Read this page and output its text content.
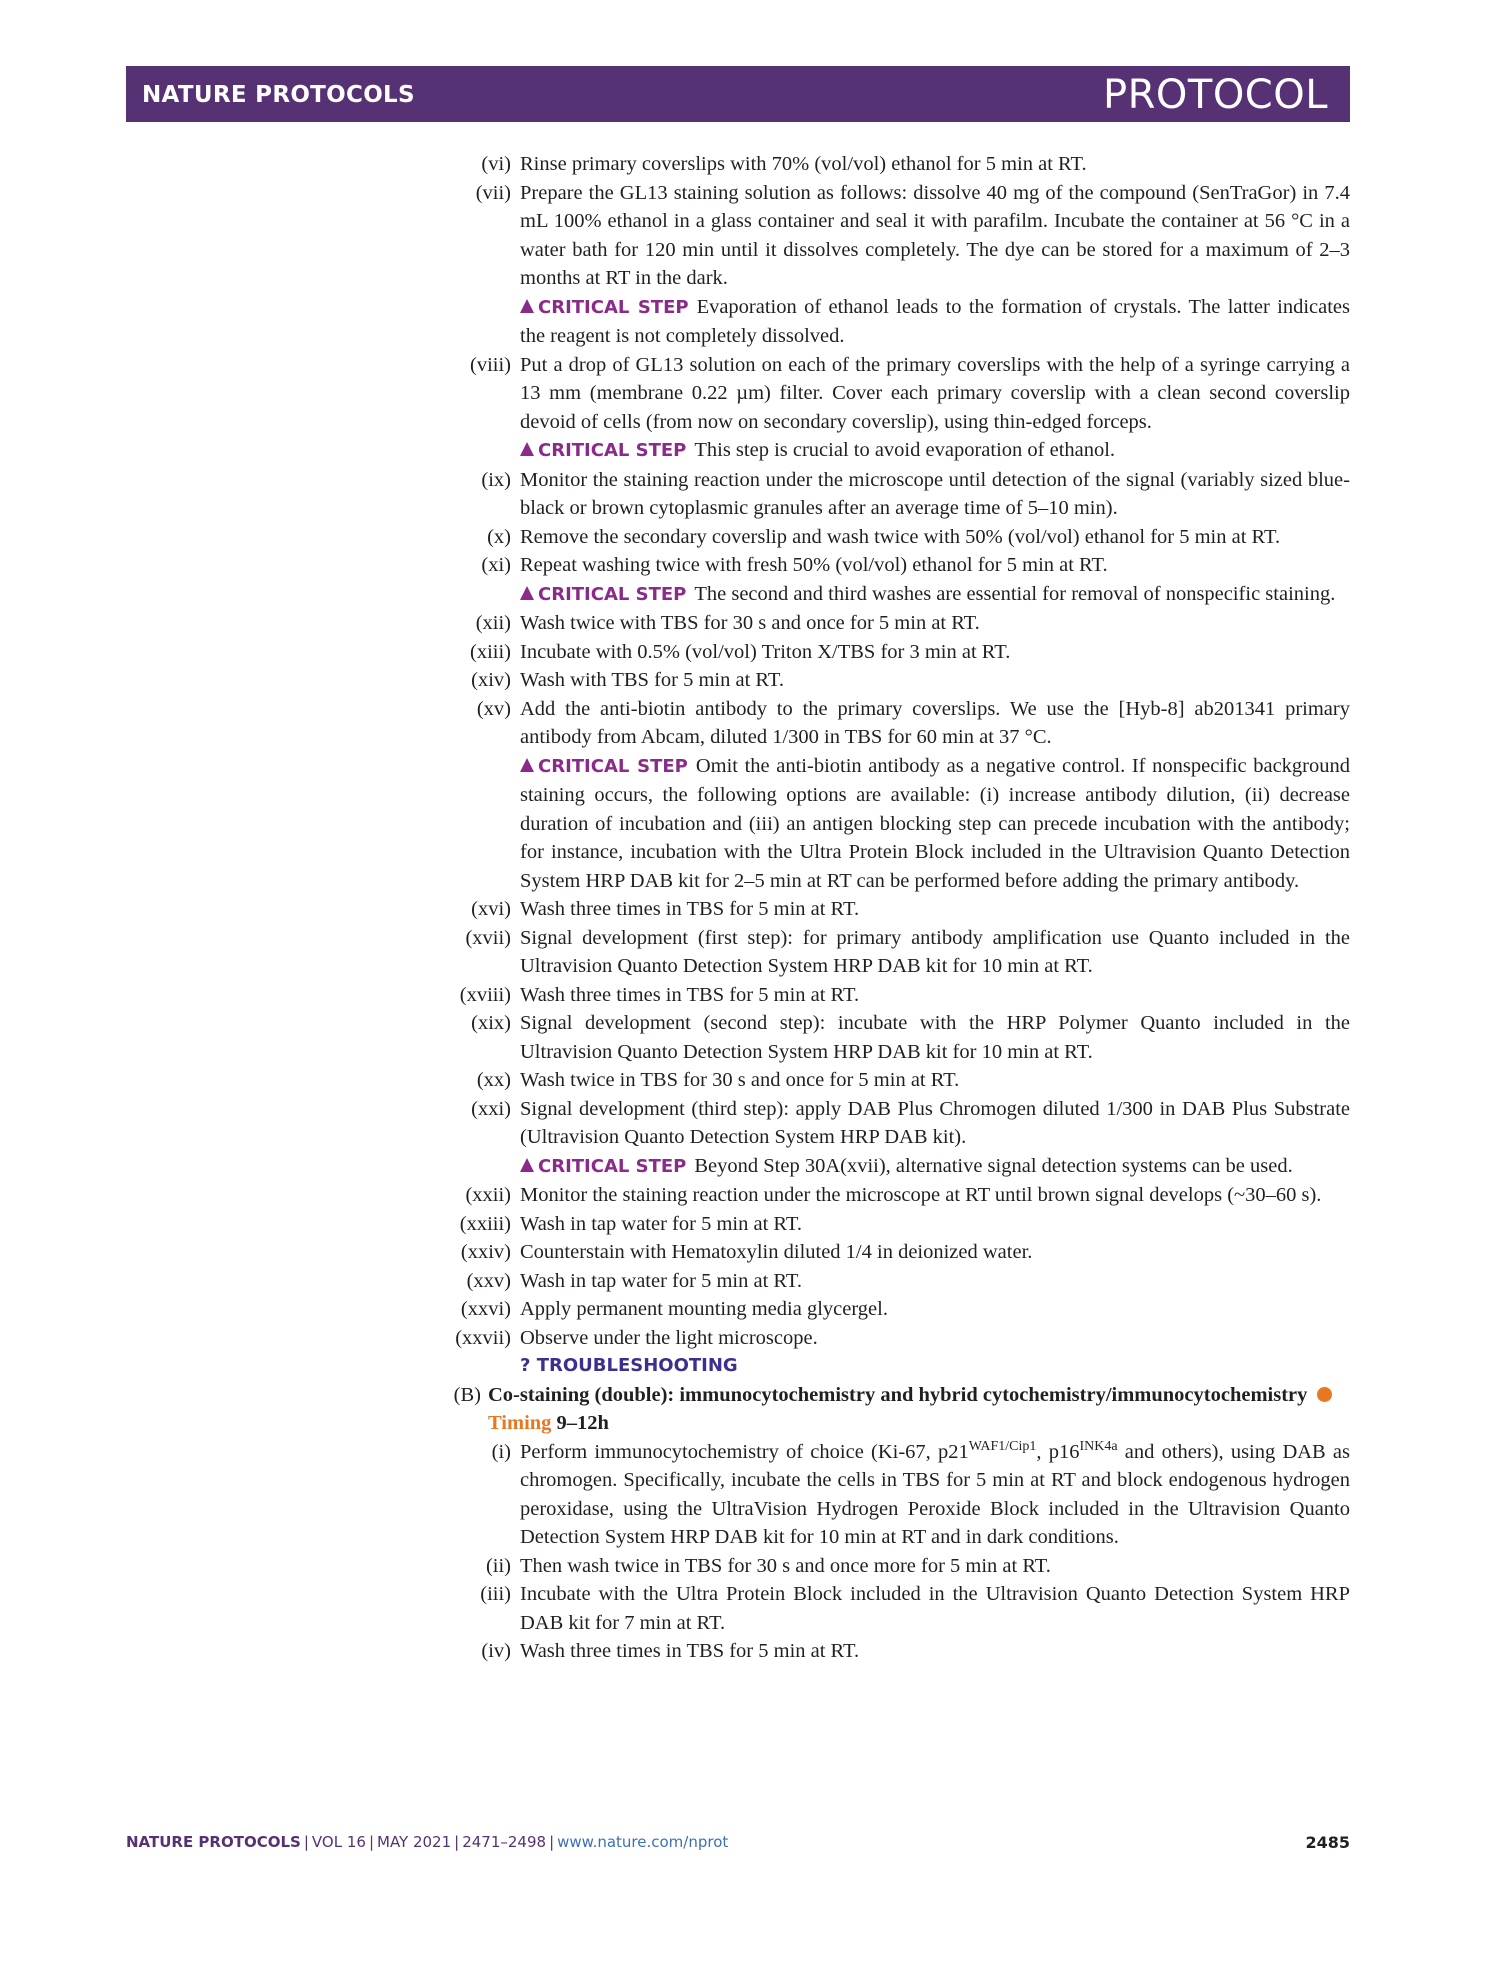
NATURE PROTOCOLS	PROTOCOL
(vi) Rinse primary coverslips with 70% (vol/vol) ethanol for 5 min at RT.
(vii) Prepare the GL13 staining solution as follows: dissolve 40 mg of the compound (SenTraGor) in 7.4 mL 100% ethanol in a glass container and seal it with parafilm. Incubate the container at 56 °C in a water bath for 120 min until it dissolves completely. The dye can be stored for a maximum of 2–3 months at RT in the dark.
CRITICAL STEP Evaporation of ethanol leads to the formation of crystals. The latter indicates the reagent is not completely dissolved.
(viii) Put a drop of GL13 solution on each of the primary coverslips with the help of a syringe carrying a 13 mm (membrane 0.22 µm) filter. Cover each primary coverslip with a clean second coverslip devoid of cells (from now on secondary coverslip), using thin-edged forceps.
CRITICAL STEP This step is crucial to avoid evaporation of ethanol.
(ix) Monitor the staining reaction under the microscope until detection of the signal (variably sized blue-black or brown cytoplasmic granules after an average time of 5–10 min).
(x) Remove the secondary coverslip and wash twice with 50% (vol/vol) ethanol for 5 min at RT.
(xi) Repeat washing twice with fresh 50% (vol/vol) ethanol for 5 min at RT.
CRITICAL STEP The second and third washes are essential for removal of nonspecific staining.
(xii) Wash twice with TBS for 30 s and once for 5 min at RT.
(xiii) Incubate with 0.5% (vol/vol) Triton X/TBS for 3 min at RT.
(xiv) Wash with TBS for 5 min at RT.
(xv) Add the anti-biotin antibody to the primary coverslips. We use the [Hyb-8] ab201341 primary antibody from Abcam, diluted 1/300 in TBS for 60 min at 37 °C.
CRITICAL STEP Omit the anti-biotin antibody as a negative control. If nonspecific background staining occurs, the following options are available: (i) increase antibody dilution, (ii) decrease duration of incubation and (iii) an antigen blocking step can precede incubation with the antibody; for instance, incubation with the Ultra Protein Block included in the Ultravision Quanto Detection System HRP DAB kit for 2–5 min at RT can be performed before adding the primary antibody.
(xvi) Wash three times in TBS for 5 min at RT.
(xvii) Signal development (first step): for primary antibody amplification use Quanto included in the Ultravision Quanto Detection System HRP DAB kit for 10 min at RT.
(xviii) Wash three times in TBS for 5 min at RT.
(xix) Signal development (second step): incubate with the HRP Polymer Quanto included in the Ultravision Quanto Detection System HRP DAB kit for 10 min at RT.
(xx) Wash twice in TBS for 30 s and once for 5 min at RT.
(xxi) Signal development (third step): apply DAB Plus Chromogen diluted 1/300 in DAB Plus Substrate (Ultravision Quanto Detection System HRP DAB kit).
CRITICAL STEP Beyond Step 30A(xvii), alternative signal detection systems can be used.
(xxii) Monitor the staining reaction under the microscope at RT until brown signal develops (~30–60 s).
(xxiii) Wash in tap water for 5 min at RT.
(xxiv) Counterstain with Hematoxylin diluted 1/4 in deionized water.
(xxv) Wash in tap water for 5 min at RT.
(xxvi) Apply permanent mounting media glycergel.
(xxvii) Observe under the light microscope.
? TROUBLESHOOTING
(B) Co-staining (double): immunocytochemistry and hybrid cytochemistry/immunocytochemistry Timing 9–12h
(i) Perform immunocytochemistry of choice (Ki-67, $p21^{WAF1/Cip1}$, $p16^{INK4a}$ and others), using DAB as chromogen. Specifically, incubate the cells in TBS for 5 min at RT and block endogenous hydrogen peroxidase, using the UltraVision Hydrogen Peroxide Block included in the Ultravision Quanto Detection System HRP DAB kit for 10 min at RT and in dark conditions.
(ii) Then wash twice in TBS for 30 s and once more for 5 min at RT.
(iii) Incubate with the Ultra Protein Block included in the Ultravision Quanto Detection System HRP DAB kit for 7 min at RT.
(iv) Wash three times in TBS for 5 min at RT.
NATURE PROTOCOLS | VOL 16 | MAY 2021 | 2471–2498 | www.nature.com/nprot	2485
